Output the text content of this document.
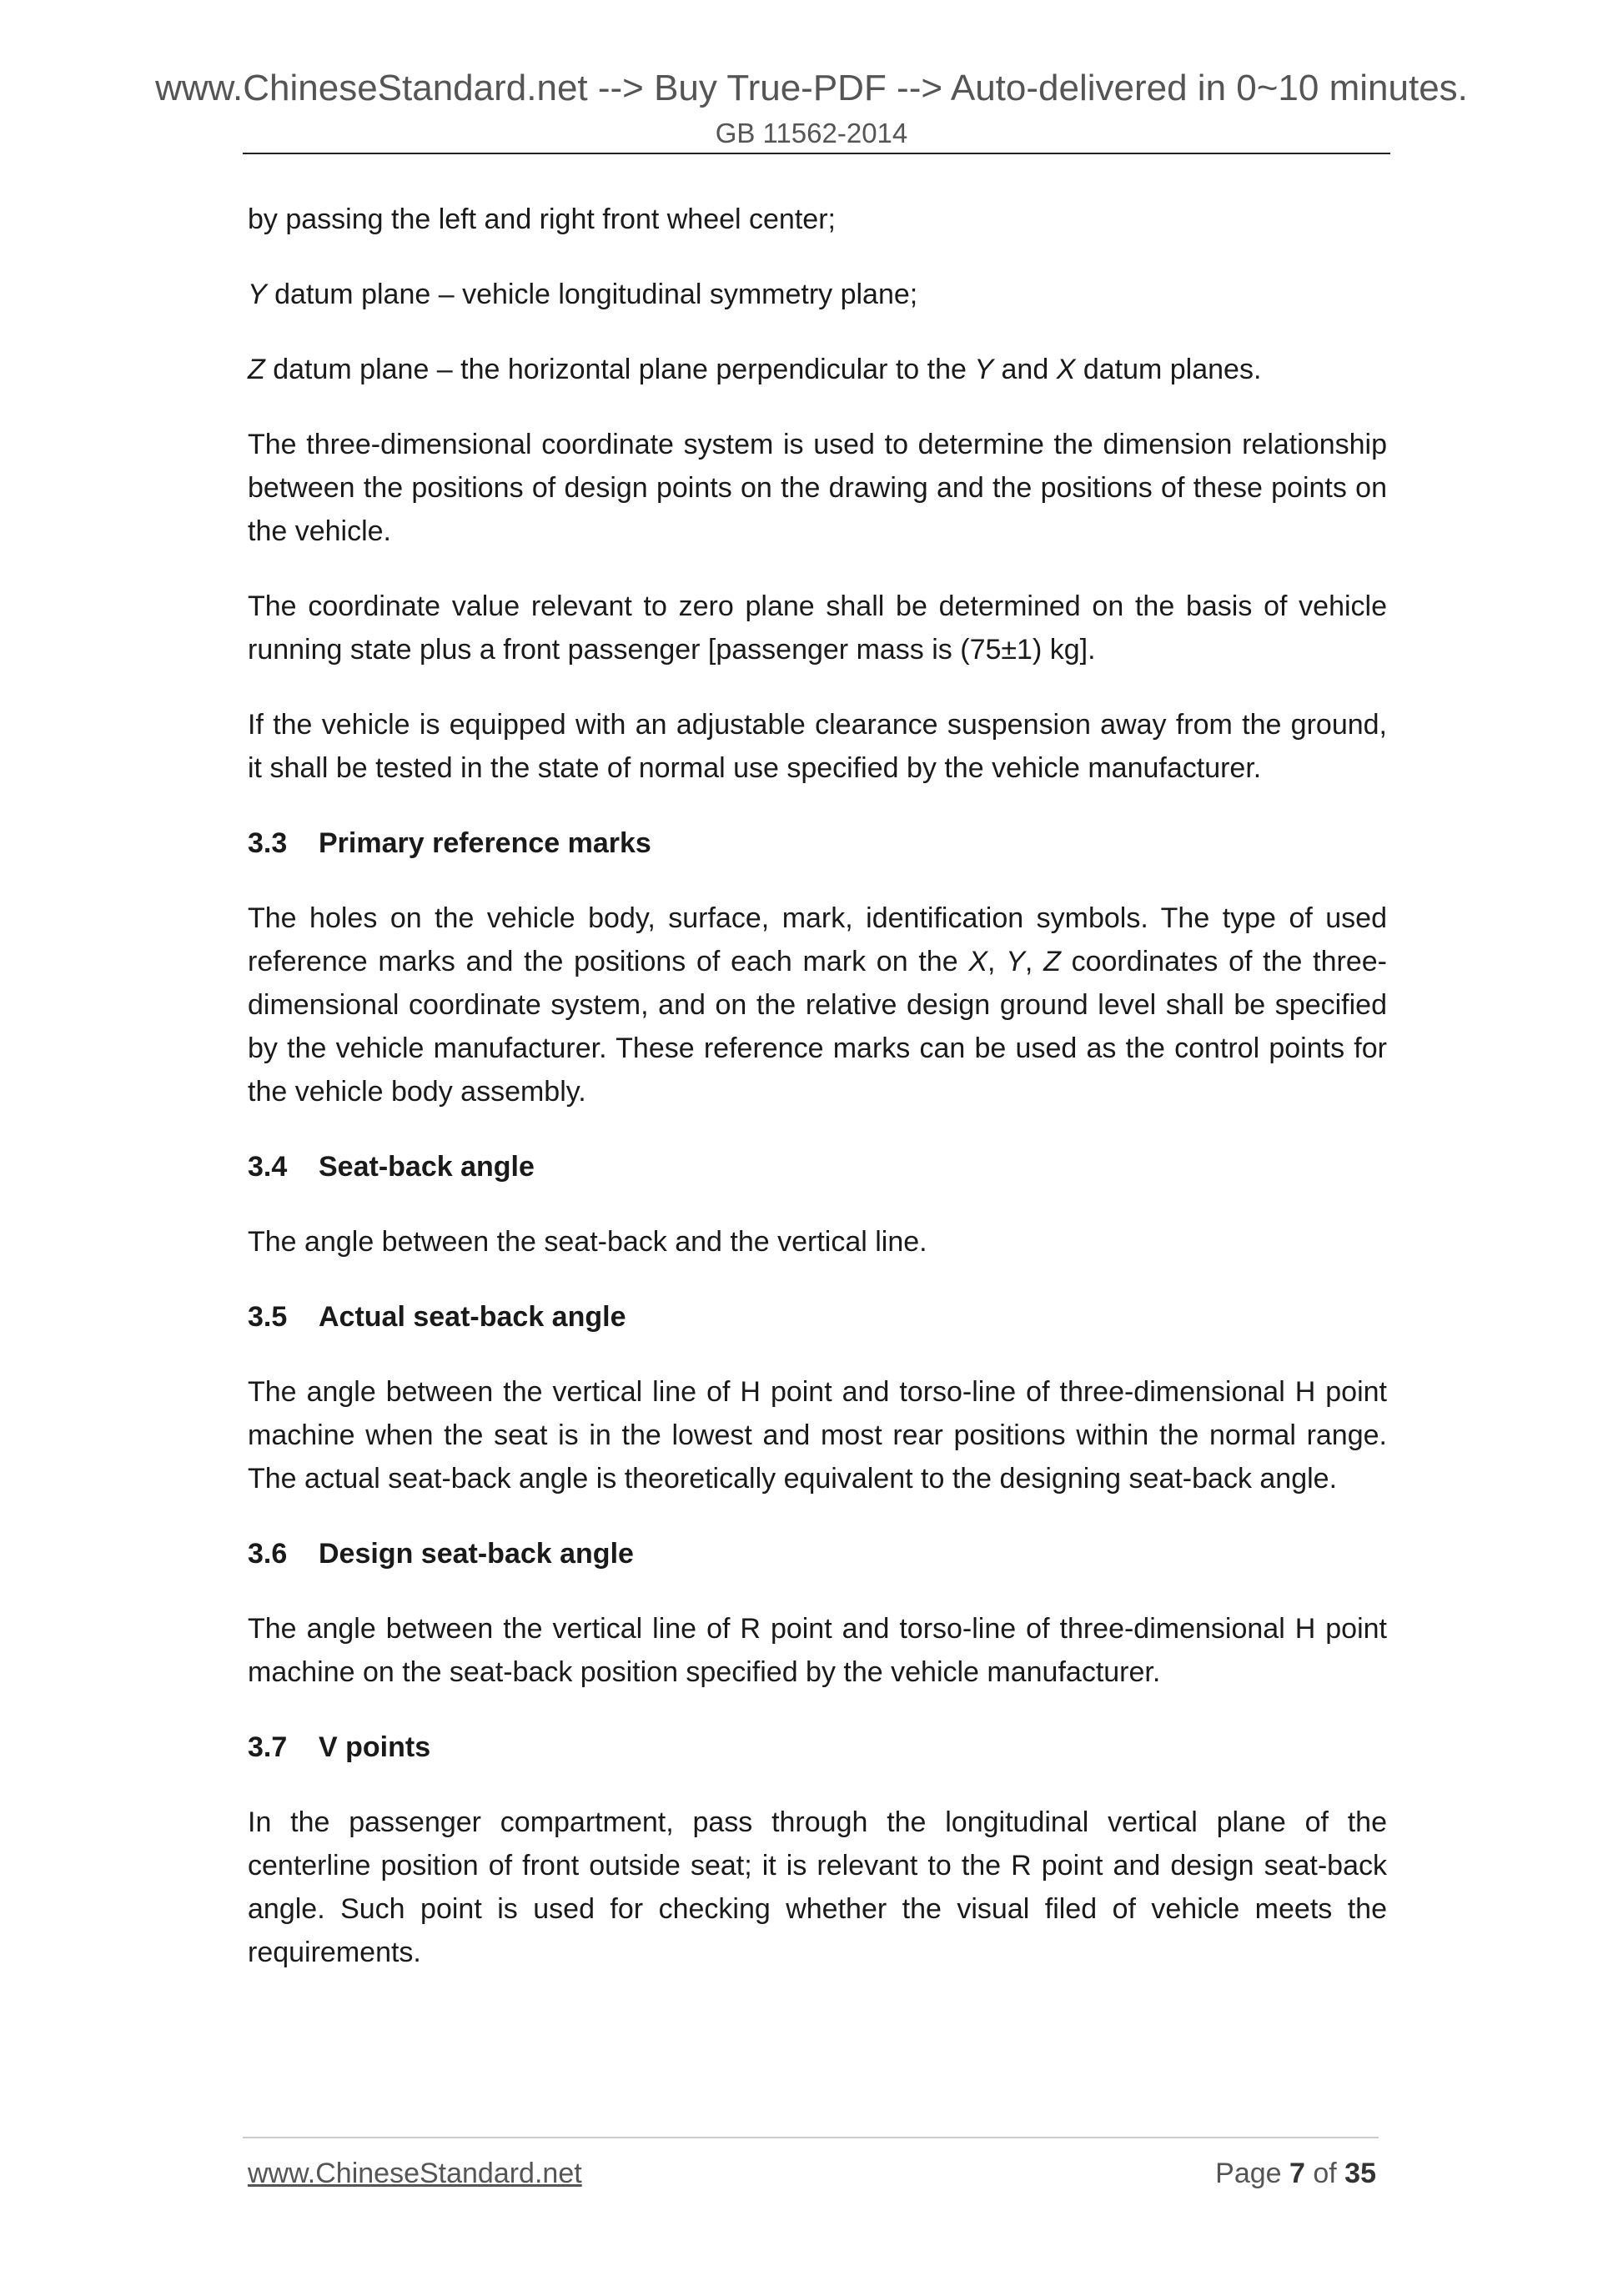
www.ChineseStandard.net --> Buy True-PDF --> Auto-delivered in 0~10 minutes.
GB 11562-2014

by passing the left and right front wheel center;

Y datum plane – vehicle longitudinal symmetry plane;

Z datum plane – the horizontal plane perpendicular to the Y and X datum planes.

The three-dimensional coordinate system is used to determine the dimension relationship between the positions of design points on the drawing and the positions of these points on the vehicle.

The coordinate value relevant to zero plane shall be determined on the basis of vehicle running state plus a front passenger [passenger mass is (75±1) kg].

If the vehicle is equipped with an adjustable clearance suspension away from the ground, it shall be tested in the state of normal use specified by the vehicle manufacturer.

3.3	Primary reference marks

The holes on the vehicle body, surface, mark, identification symbols. The type of used reference marks and the positions of each mark on the X, Y, Z coordinates of the three-dimensional coordinate system, and on the relative design ground level shall be specified by the vehicle manufacturer. These reference marks can be used as the control points for the vehicle body assembly.

3.4	Seat-back angle

The angle between the seat-back and the vertical line.

3.5	Actual seat-back angle

The angle between the vertical line of H point and torso-line of three-dimensional H point machine when the seat is in the lowest and most rear positions within the normal range. The actual seat-back angle is theoretically equivalent to the designing seat-back angle.

3.6	Design seat-back angle

The angle between the vertical line of R point and torso-line of three-dimensional H point machine on the seat-back position specified by the vehicle manufacturer.

3.7	V points

In the passenger compartment, pass through the longitudinal vertical plane of the centerline position of front outside seat; it is relevant to the R point and design seat-back angle. Such point is used for checking whether the visual filed of vehicle meets the requirements.

www.ChineseStandard.net	Page 7 of 35
